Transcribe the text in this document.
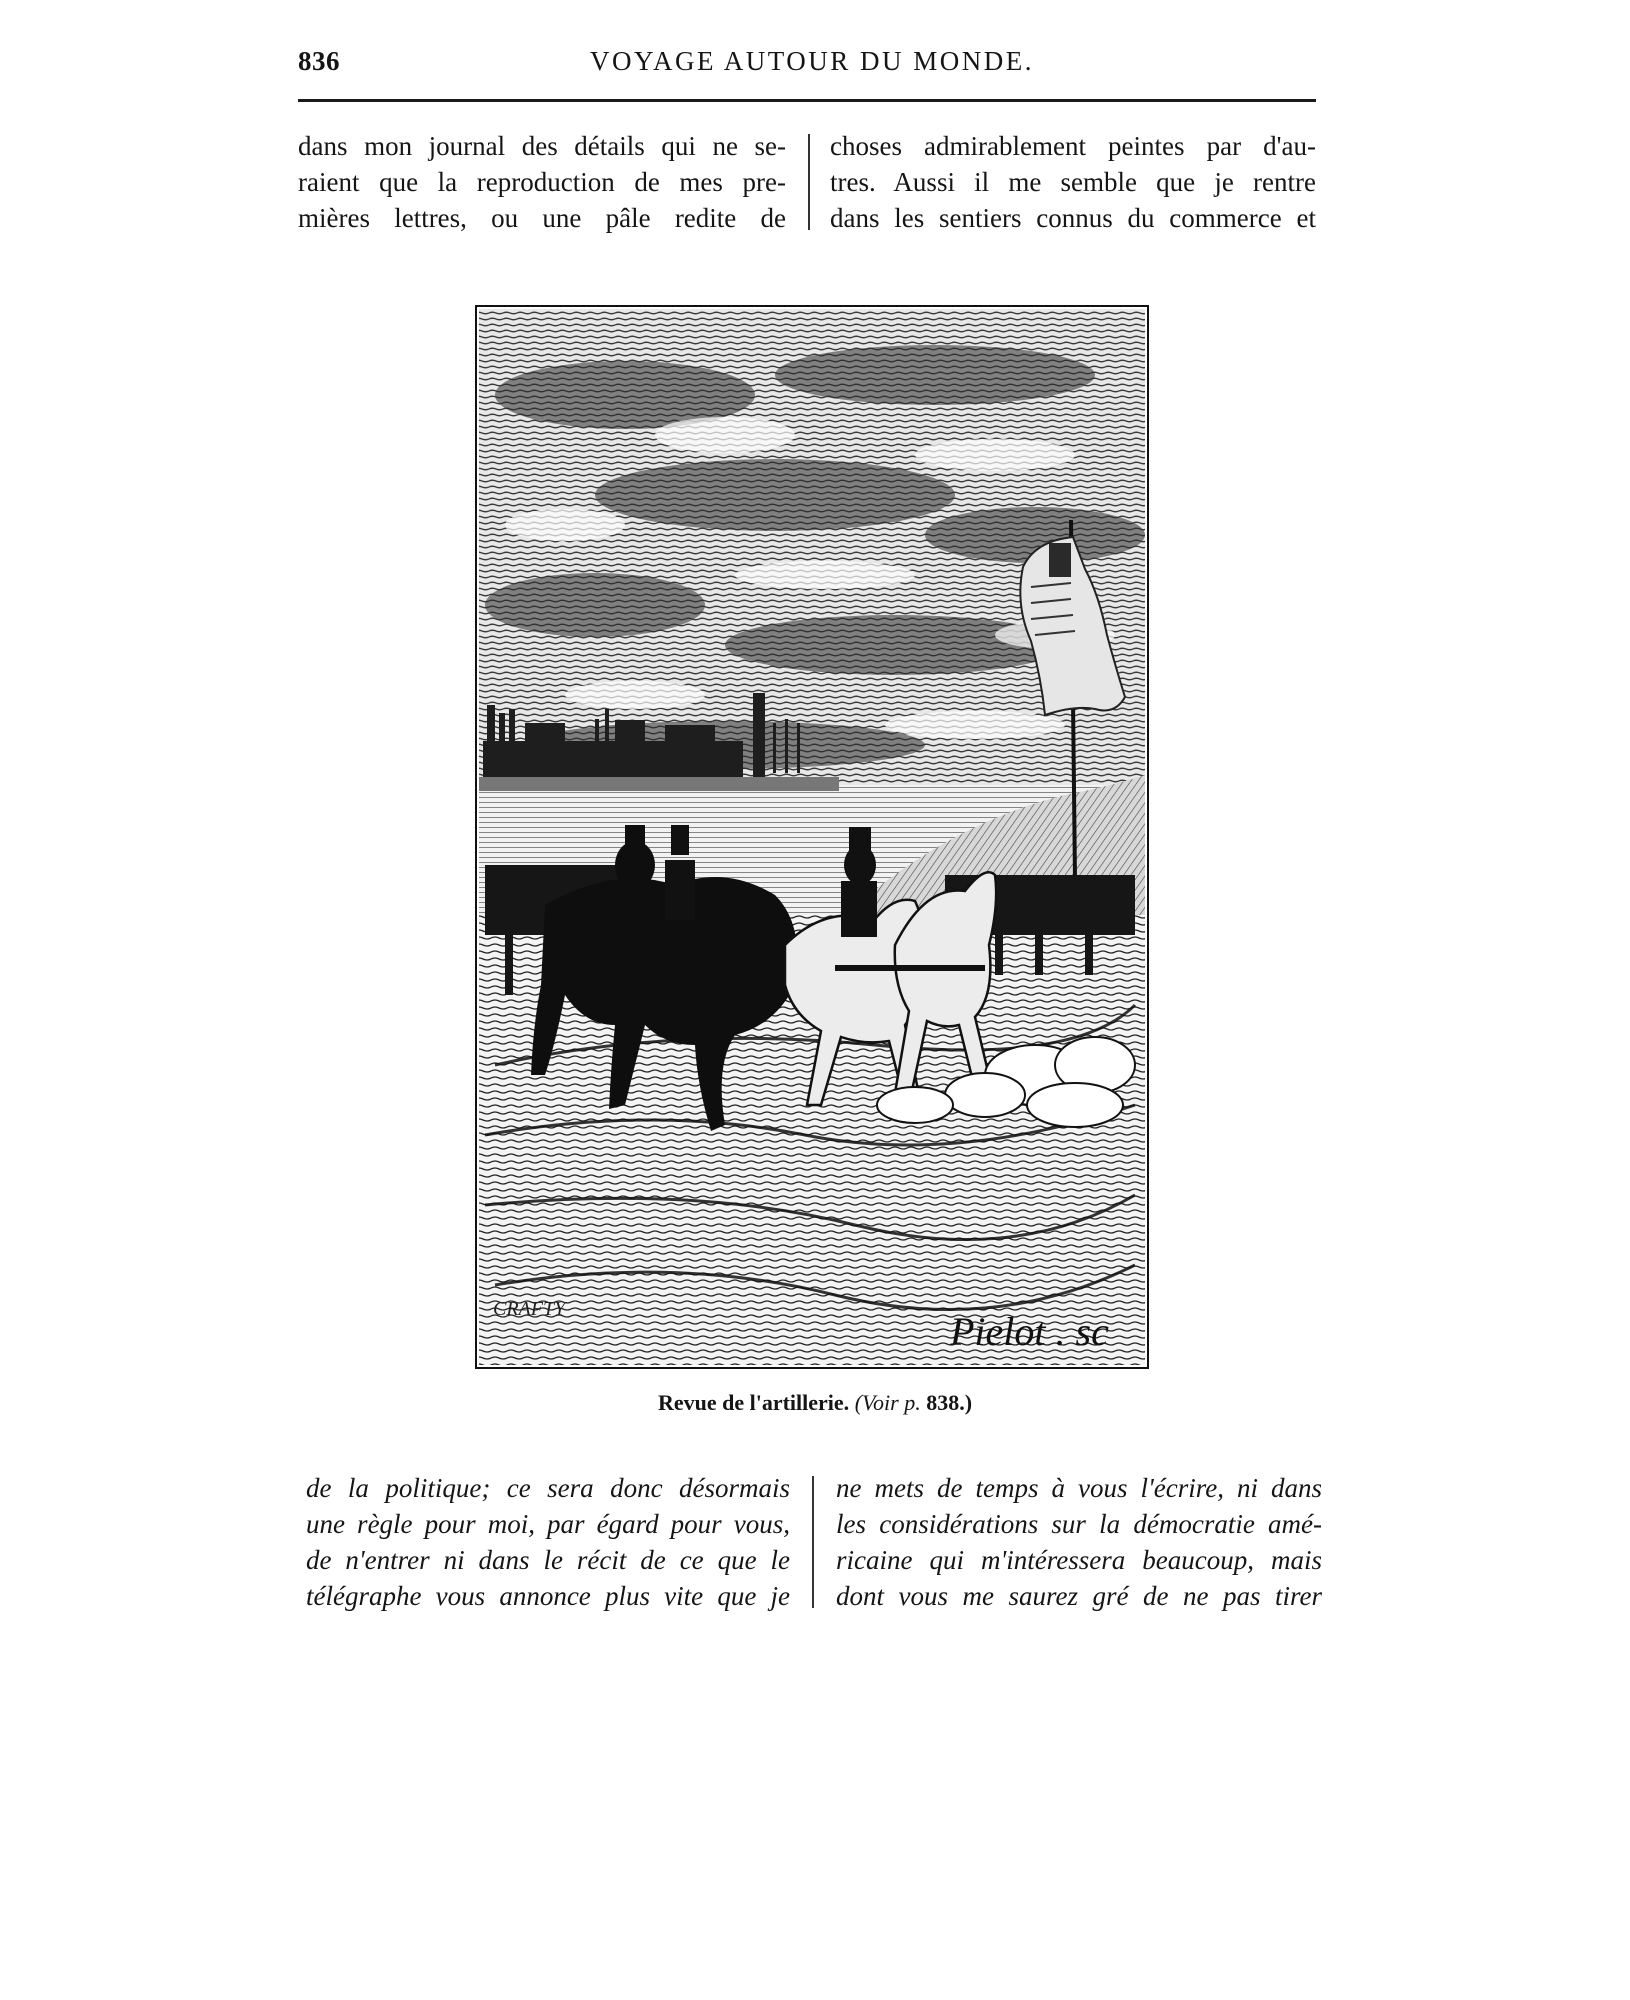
836	VOYAGE AUTOUR DU MONDE.
dans mon journal des détails qui ne se-
raient que la reproduction de mes pre-
mières lettres, ou une pâle redite de
choses admirablement peintes par d'au-
tres. Aussi il me semble que je rentre
dans les sentiers connus du commerce et
CRAFTY	Pielot . sc
Revue de l'artillerie. (Voir p. 838.)
de la politique; ce sera donc désormais
une règle pour moi, par égard pour vous,
de n'entrer ni dans le récit de ce que le
télégraphe vous annonce plus vite que je
ne mets de temps à vous l'écrire, ni dans
les considérations sur la démocratie amé-
ricaine qui m'intéressera beaucoup, mais
dont vous me saurez gré de ne pas tirer
